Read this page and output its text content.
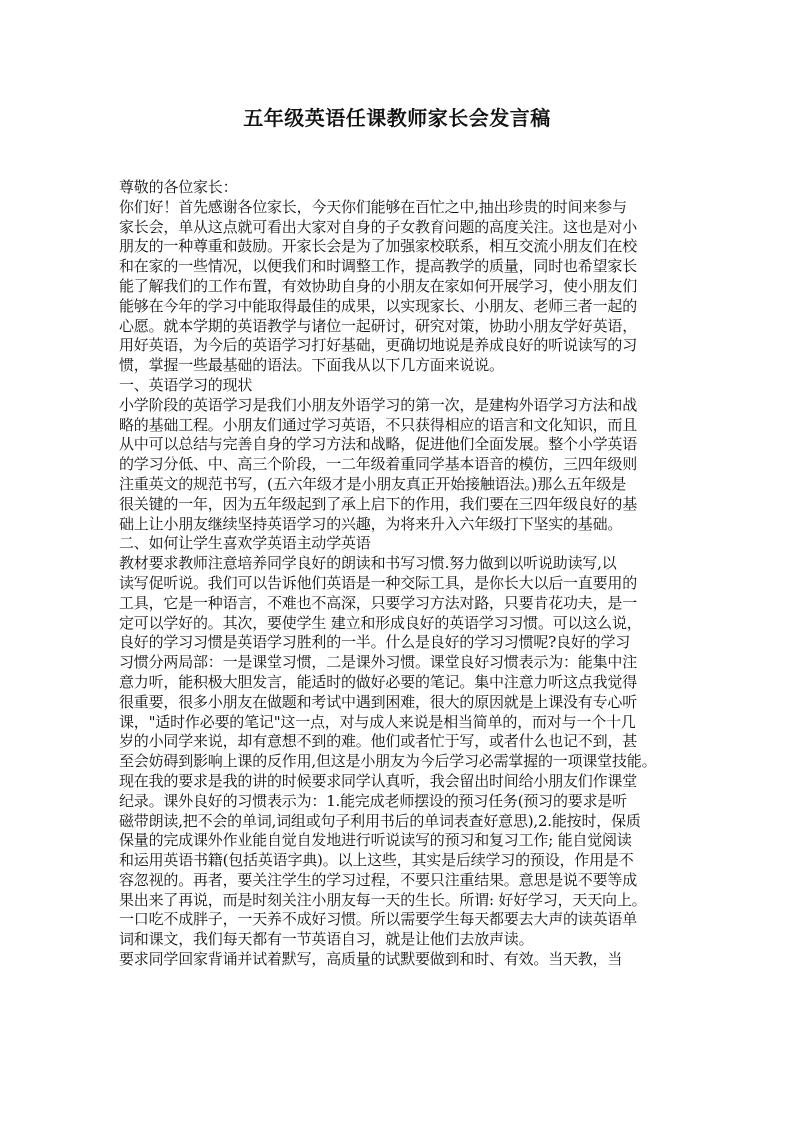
五年级英语任课教师家长会发言稿
尊敬的各位家长：
你们好！首先感谢各位家长，今天你们能够在百忙之中,抽出珍贵的时间来参与
家长会，单从这点就可看出大家对自身的子女教育问题的高度关注。这也是对小
朋友的一种尊重和鼓励。开家长会是为了加强家校联系，相互交流小朋友们在校
和在家的一些情况，以便我们和时调整工作，提高教学的质量，同时也希望家长
能了解我们的工作布置，有效协助自身的小朋友在家如何开展学习，使小朋友们
能够在今年的学习中能取得最佳的成果，以实现家长、小朋友、老师三者一起的
心愿。就本学期的英语教学与诸位一起研讨，研究对策，协助小朋友学好英语，
用好英语，为今后的英语学习打好基础，更确切地说是养成良好的听说读写的习
惯，掌握一些最基础的语法。下面我从以下几方面来说说。
一、英语学习的现状
小学阶段的英语学习是我们小朋友外语学习的第一次，是建构外语学习方法和战
略的基础工程。小朋友们通过学习英语，不只获得相应的语言和文化知识，而且
从中可以总结与完善自身的学习方法和战略，促进他们全面发展。整个小学英语
的学习分低、中、高三个阶段，一二年级着重同学基本语音的模仿，三四年级则
注重英文的规范书写，(五六年级才是小朋友真正开始接触语法。)那么五年级是
很关键的一年，因为五年级起到了承上启下的作用，我们要在三四年级良好的基
础上让小朋友继续坚持英语学习的兴趣，为将来升入六年级打下坚实的基础。
二、如何让学生喜欢学英语主动学英语
教材要求教师注意培养同学良好的朗读和书写习惯.努力做到以听说助读写,以
读写促听说。我们可以告诉他们英语是一种交际工具，是你长大以后一直要用的
工具，它是一种语言，不难也不高深，只要学习方法对路，只要肯花功夫，是一
定可以学好的。其次，要使学生 建立和形成良好的英语学习习惯。可以这么说，
良好的学习习惯是英语学习胜利的一半。什么是良好的学习习惯呢?良好的学习
习惯分两局部：一是课堂习惯，二是课外习惯。课堂良好习惯表示为：能集中注
意力听，能积极大胆发言，能适时的做好必要的笔记。集中注意力听这点我觉得
很重要，很多小朋友在做题和考试中遇到困难，很大的原因就是上课没有专心听
课，"适时作必要的笔记"这一点，对与成人来说是相当简单的，而对与一个十几
岁的小同学来说，却有意想不到的难。他们或者忙于写，或者什么也记不到，甚
至会妨碍到影响上课的反作用,但这是小朋友为今后学习必需掌握的一项课堂技能。
现在我的要求是我的讲的时候要求同学认真听，我会留出时间给小朋友们作课堂
纪录。课外良好的习惯表示为：1.能完成老师摆设的预习任务(预习的要求是听
磁带朗读,把不会的单词,词组或句子利用书后的单词表查好意思),2.能按时，保质
保量的完成课外作业能自觉自发地进行听说读写的预习和复习工作; 能自觉阅读
和运用英语书籍(包括英语字典)。以上这些，其实是后续学习的预设，作用是不
容忽视的。再者，要关注学生的学习过程，不要只注重结果。意思是说不要等成
果出来了再说，而是时刻关注小朋友每一天的生长。所谓: 好好学习，天天向上。
一口吃不成胖子，一天养不成好习惯。所以需要学生每天都要去大声的读英语单
词和课文，我们每天都有一节英语自习，就是让他们去放声读。
要求同学回家背诵并试着默写，高质量的试默要做到和时、有效。当天教，当
